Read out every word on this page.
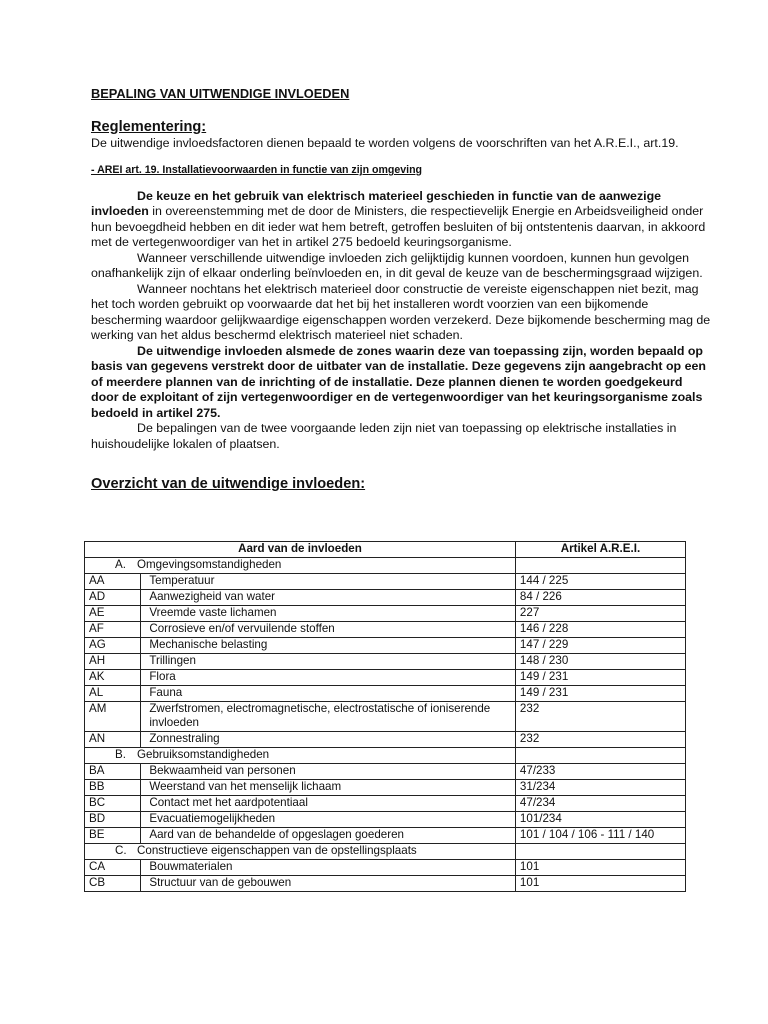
BEPALING VAN UITWENDIGE INVLOEDEN

Reglementering:

De uitwendige invloedsfactoren dienen bepaald te worden volgens de voorschriften van het A.R.E.I., art.19.

- AREI art. 19. Installatievoorwaarden in functie van zijn omgeving

De keuze en het gebruik van elektrisch materieel geschieden in functie van de aanwezige invloeden in overeenstemming met de door de Ministers, die respectievelijk Energie en Arbeidsveiligheid onder hun bevoegdheid hebben en dit ieder wat hem betreft, getroffen besluiten of bij ontstentenis daarvan, in akkoord met de vertegenwoordiger van het in artikel 275 bedoeld keuringsorganisme.

Wanneer verschillende uitwendige invloeden zich gelijktijdig kunnen voordoen, kunnen hun gevolgen onafhankelijk zijn of elkaar onderling beïnvloeden en, in dit geval de keuze van de beschermingsgraad wijzigen.

Wanneer nochtans het elektrisch materieel door constructie de vereiste eigenschappen niet bezit, mag het toch worden gebruikt op voorwaarde dat het bij het installeren wordt voorzien van een bijkomende bescherming waardoor gelijkwaardige eigenschappen worden verzekerd. Deze bijkomende bescherming mag de werking van het aldus beschermd elektrisch materieel niet schaden.

De uitwendige invloeden alsmede de zones waarin deze van toepassing zijn, worden bepaald op basis van gegevens verstrekt door de uitbater van de installatie. Deze gegevens zijn aangebracht op een of meerdere plannen van de inrichting of de installatie. Deze plannen dienen te worden goedgekeurd door de exploitant of zijn vertegenwoordiger en de vertegenwoordiger van het keuringsorganisme zoals bedoeld in artikel 275.

De bepalingen van de twee voorgaande leden zijn niet van toepassing op elektrische installaties in huishoudelijke lokalen of plaatsen.

Overzicht van de uitwendige invloeden:

Aard van de invloeden		Artikel A.R.E.I.
A. Omgevingsomstandigheden		
AA	Temperatuur	144 / 225
AD	Aanwezigheid van water	84 / 226
AE	Vreemde vaste lichamen	227
AF	Corrosieve en/of vervuilende stoffen	146 / 228
AG	Mechanische belasting	147 / 229
AH	Trillingen	148 / 230
AK	Flora	149 / 231
AL	Fauna	149 / 231
AM	Zwerfstromen, electromagnetische, electrostatische of ioniserende invloeden	232
AN	Zonnestraling	232
B. Gebruiksomstandigheden		
BA	Bekwaamheid van personen	47/233
BB	Weerstand van het menselijk lichaam	31/234
BC	Contact met het aardpotentiaal	47/234
BD	Evacuatiemogelijkheden	101/234
BE	Aard van de behandelde of opgeslagen goederen	101 / 104 / 106 - 111 / 140
C. Constructieve eigenschappen van de opstellingsplaats		
CA	Bouwmaterialen	101
CB	Structuur van de gebouwen	101
